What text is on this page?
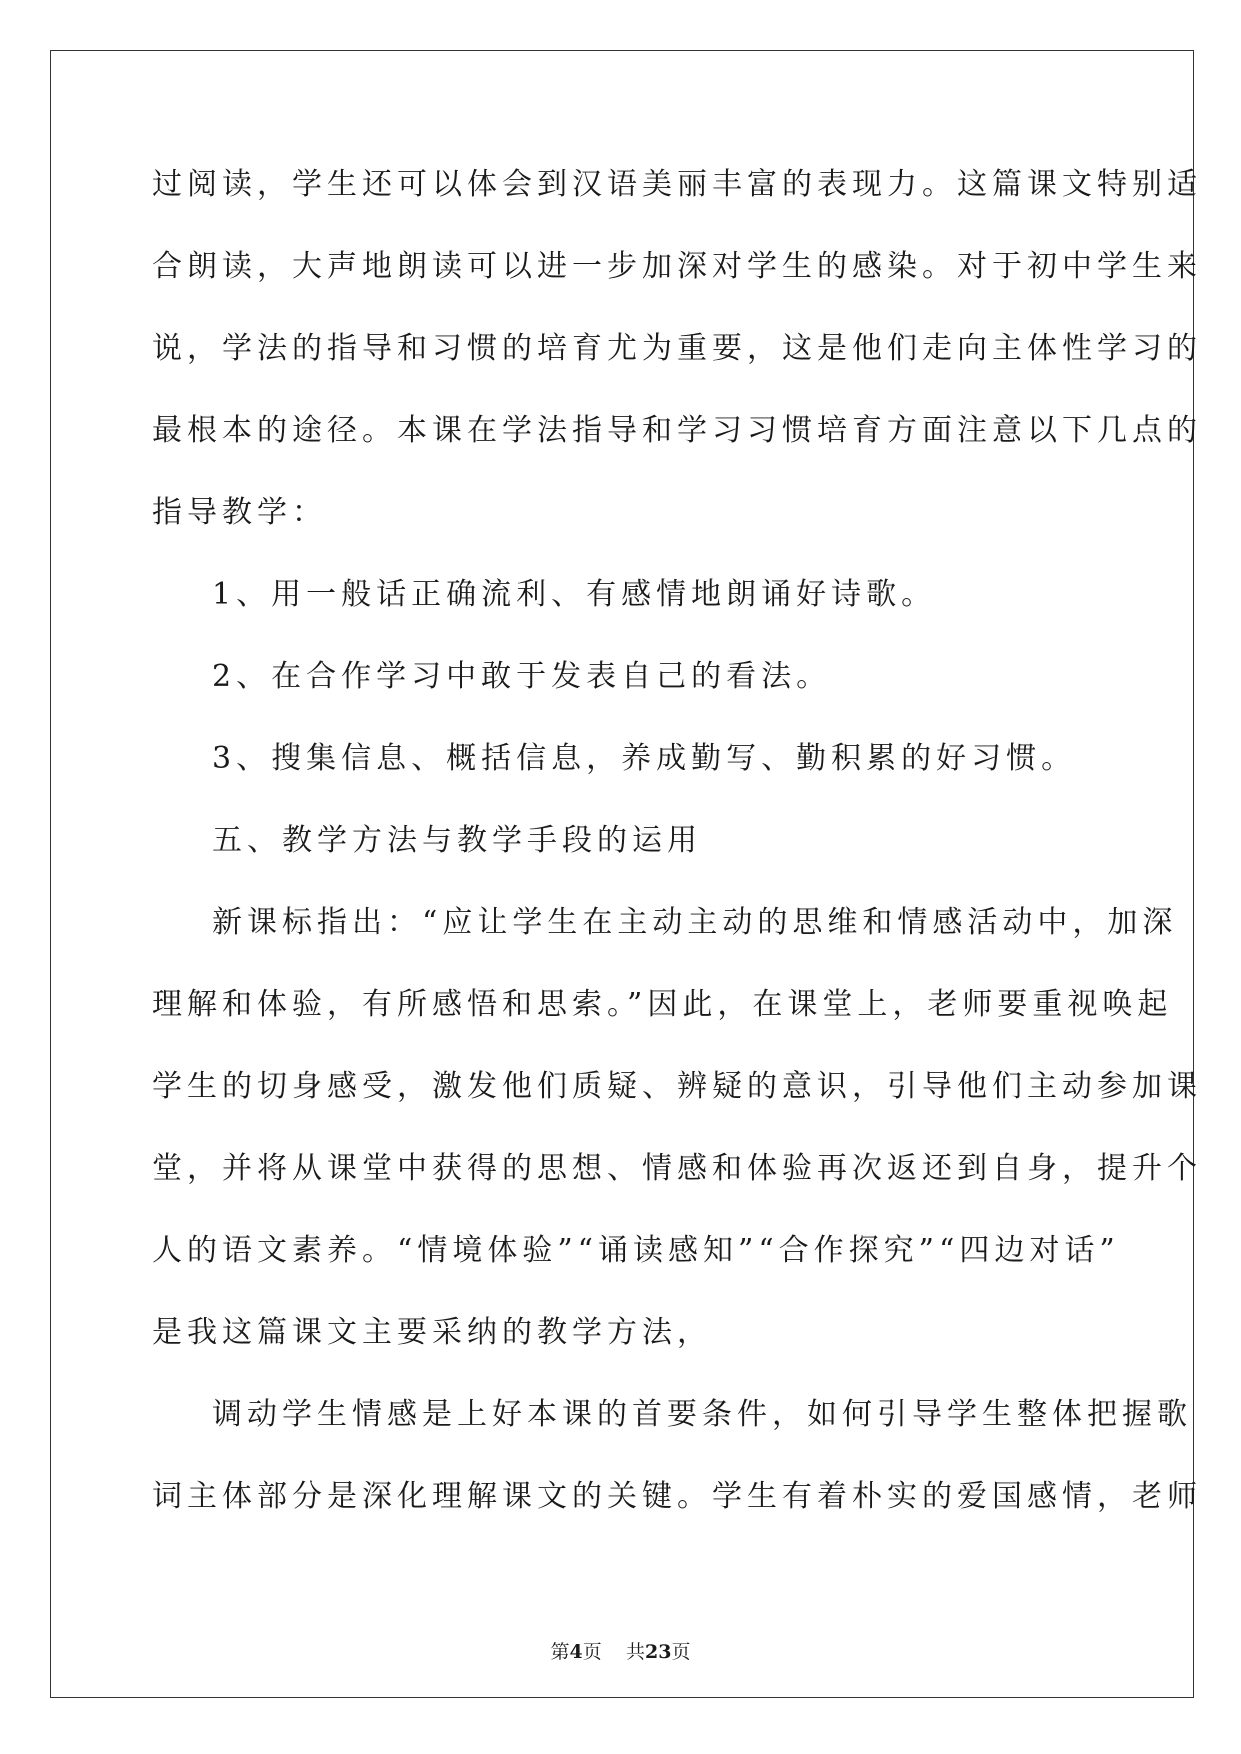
过阅读，学生还可以体会到汉语美丽丰富的表现力。这篇课文特别适
合朗读，大声地朗读可以进一步加深对学生的感染。对于初中学生来
说，学法的指导和习惯的培育尤为重要，这是他们走向主体性学习的
最根本的途径。本课在学法指导和学习习惯培育方面注意以下几点的
指导教学：
1、用一般话正确流利、有感情地朗诵好诗歌。
2、在合作学习中敢于发表自己的看法。
3、搜集信息、概括信息，养成勤写、勤积累的好习惯。
五、教学方法与教学手段的运用
新课标指出：“应让学生在主动主动的思维和情感活动中，加深
理解和体验，有所感悟和思索。”因此，在课堂上，老师要重视唤起
学生的切身感受，激发他们质疑、辨疑的意识，引导他们主动参加课
堂，并将从课堂中获得的思想、情感和体验再次返还到自身，提升个
人的语文素养。“情境体验”“诵读感知”“合作探究”“四边对话”
是我这篇课文主要采纳的教学方法，
调动学生情感是上好本课的首要条件，如何引导学生整体把握歌
词主体部分是深化理解课文的关键。学生有着朴实的爱国感情，老师
第4页 共23页
